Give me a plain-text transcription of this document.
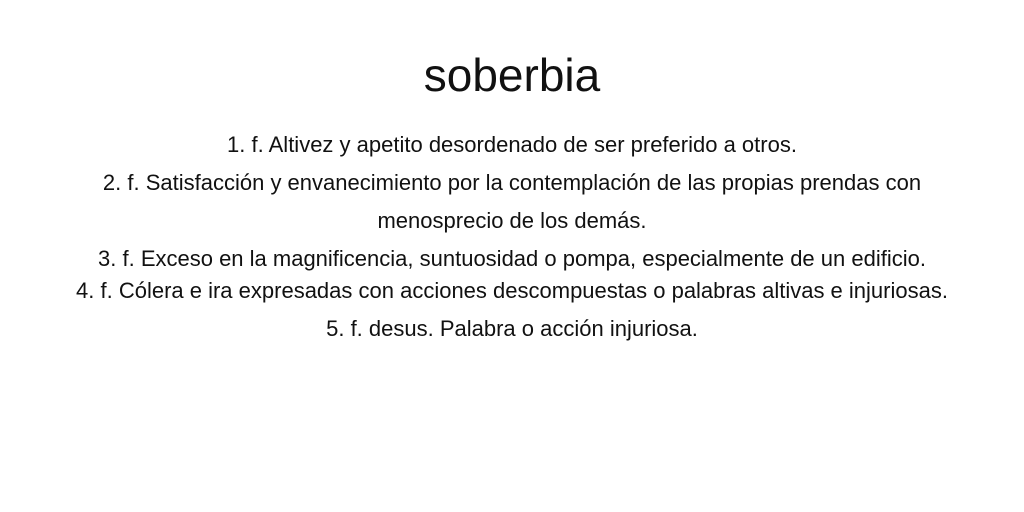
soberbia
1. f. Altivez y apetito desordenado de ser preferido a otros.
2. f. Satisfacción y envanecimiento por la contemplación de las propias prendas con menosprecio de los demás.
3. f. Exceso en la magnificencia, suntuosidad o pompa, especialmente de un edificio.
4. f. Cólera e ira expresadas con acciones descompuestas o palabras altivas e injuriosas.
5. f. desus. Palabra o acción injuriosa.
